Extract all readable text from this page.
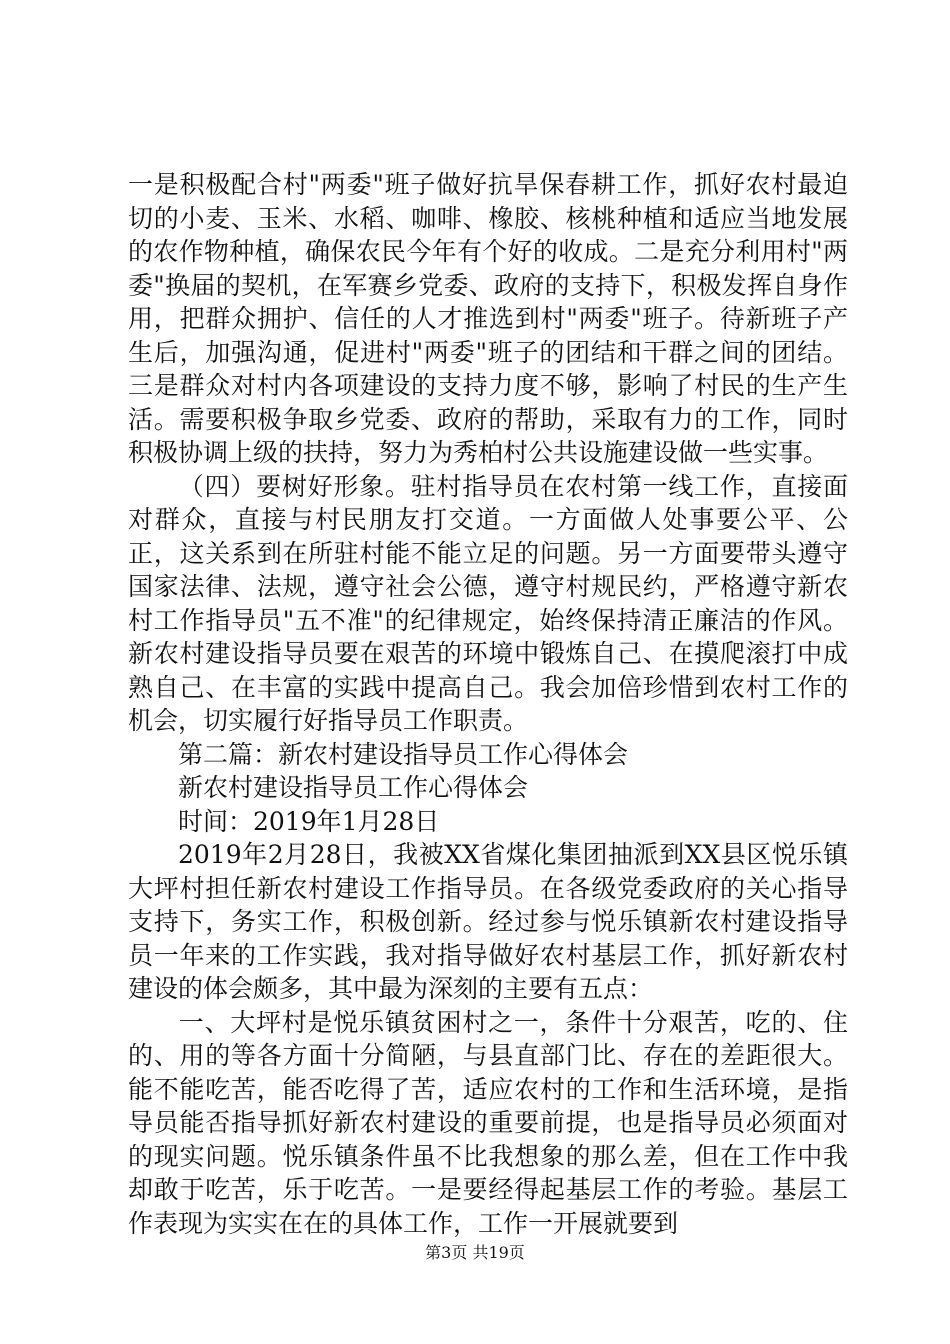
一是积极配合村"两委"班子做好抗旱保春耕工作，抓好农村最迫切的小麦、玉米、水稻、咖啡、橡胶、核桃种植和适应当地发展的农作物种植，确保农民今年有个好的收成。二是充分利用村"两委"换届的契机，在军赛乡党委、政府的支持下，积极发挥自身作用，把群众拥护、信任的人才推选到村"两委"班子。待新班子产生后，加强沟通，促进村"两委"班子的团结和干群之间的团结。三是群众对村内各项建设的支持力度不够，影响了村民的生产生活。需要积极争取乡党委、政府的帮助，采取有力的工作，同时积极协调上级的扶持，努力为秀柏村公共设施建设做一些实事。

（四）要树好形象。驻村指导员在农村第一线工作，直接面对群众，直接与村民朋友打交道。一方面做人处事要公平、公正，这关系到在所驻村能不能立足的问题。另一方面要带头遵守国家法律、法规，遵守社会公德，遵守村规民约，严格遵守新农村工作指导员"五不准"的纪律规定，始终保持清正廉洁的作风。新农村建设指导员要在艰苦的环境中锻炼自己、在摸爬滚打中成熟自己、在丰富的实践中提高自己。我会加倍珍惜到农村工作的机会，切实履行好指导员工作职责。

第二篇：新农村建设指导员工作心得体会

新农村建设指导员工作心得体会

时间：2019年1月28日

2019年2月28日，我被XX省煤化集团抽派到XX县区悦乐镇大坪村担任新农村建设工作指导员。在各级党委政府的关心指导支持下，务实工作，积极创新。经过参与悦乐镇新农村建设指导员一年来的工作实践，我对指导做好农村基层工作，抓好新农村建设的体会颇多，其中最为深刻的主要有五点：

一、大坪村是悦乐镇贫困村之一，条件十分艰苦，吃的、住的、用的等各方面十分简陋，与县直部门比、存在的差距很大。能不能吃苦，能否吃得了苦，适应农村的工作和生活环境，是指导员能否指导抓好新农村建设的重要前提，也是指导员必须面对的现实问题。悦乐镇条件虽不比我想象的那么差，但在工作中我却敢于吃苦，乐于吃苦。一是要经得起基层工作的考验。基层工作表现为实实在在的具体工作，工作一开展就要到

第3页 共19页
